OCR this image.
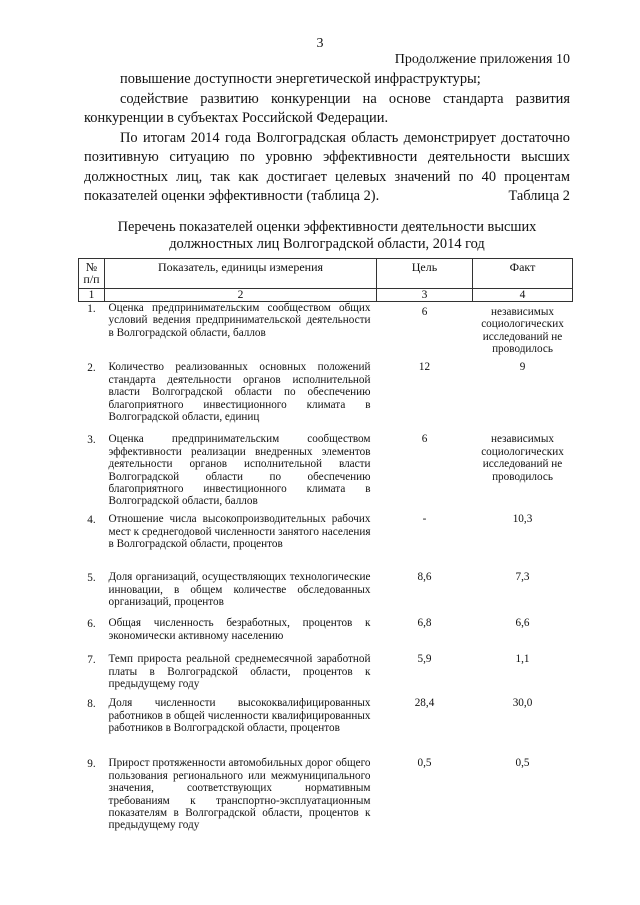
3
Продолжение приложения 10

повышение доступности энергетической инфраструктуры;

содействие развитию конкуренции на основе стандарта развития конкуренции в субъектах Российской Федерации.

По итогам 2014 года Волгоградская область демонстрирует достаточно позитивную ситуацию по уровню эффективности деятельности высших должностных лиц, так как достигает целевых значений по 40 процентам показателей оценки эффективности (таблица 2).	Таблица 2
Перечень показателей оценки эффективности деятельности высших должностных лиц Волгоградской области, 2014 год
№ п/п	Показатель, единицы измерения	Цель	Факт
1	2	3	4
1.	Оценка предпринимательским сообществом общих условий ведения предпринимательской деятельности в Волгоградской области, баллов	6	независимых социологических исследований не проводилось
2.	Количество реализованных основных положений стандарта деятельности органов исполнительной власти Волгоградской области по обеспечению благоприятного инвестиционного климата в Волгоградской области, единиц	12	9
3.	Оценка предпринимательским сообществом эффективности реализации внедренных элементов деятельности органов исполнительной власти Волгоградской области по обеспечению благоприятного инвестиционного климата в Волгоградской области, баллов	6	независимых социологических исследований не проводилось
4.	Отношение числа высокопроизводительных рабочих мест к среднегодовой численности занятого населения в Волгоградской области, процентов	-	10,3
5.	Доля организаций, осуществляющих технологические инновации, в общем количестве обследованных организаций, процентов	8,6	7,3
6.	Общая численность безработных, процентов к экономически активному населению	6,8	6,6
7.	Темп прироста реальной среднемесячной заработной платы в Волгоградской области, процентов к предыдущему году	5,9	1,1
8.	Доля численности высококвалифицированных работников в общей численности квалифицированных работников в Волгоградской области, процентов	28,4	30,0
9.	Прирост протяженности автомобильных дорог общего пользования регионального или межмуниципального значения, соответствующих нормативным требованиям к транспортно-эксплуатационным показателям в Волгоградской области, процентов к предыдущему году	0,5	0,5
